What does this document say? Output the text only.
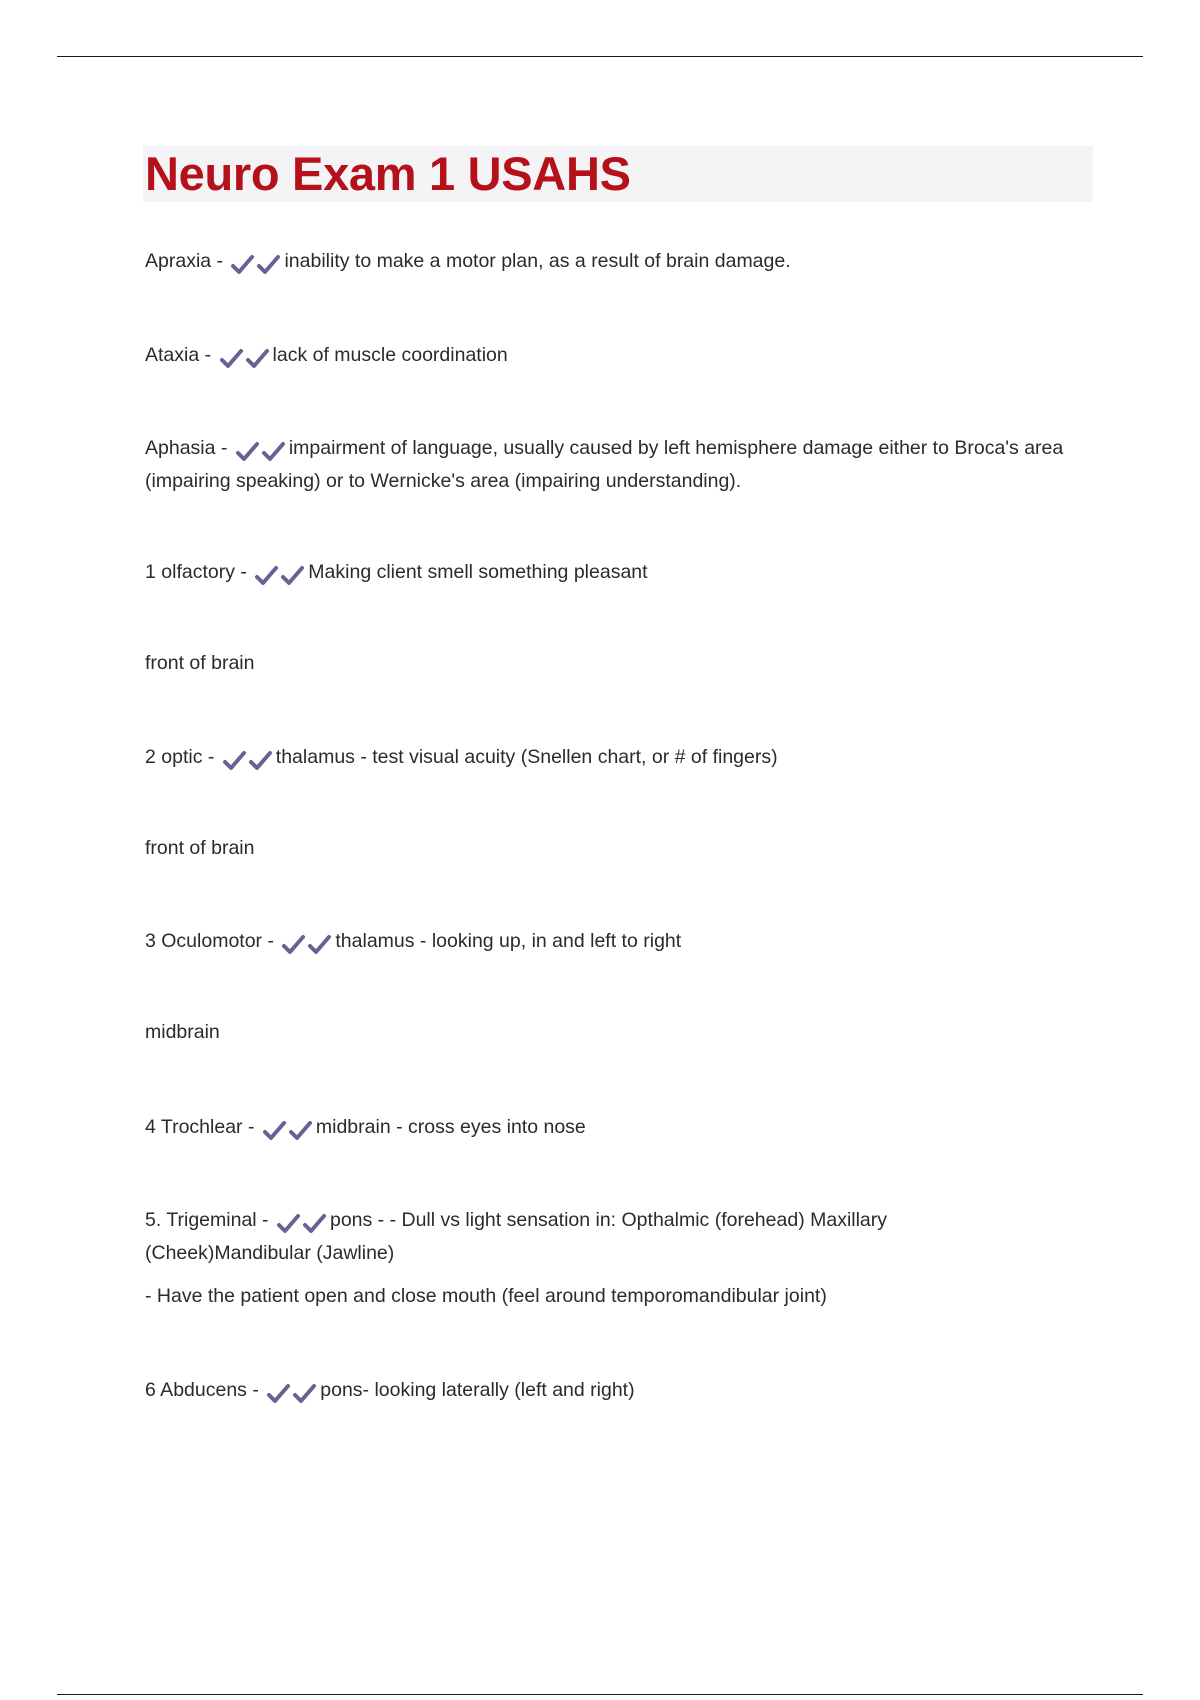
Neuro Exam 1 USAHS

Apraxia -	inability to make a motor plan, as a result of brain damage.

Ataxia -	lack of muscle coordination

Aphasia -	impairment of language, usually caused by left hemisphere damage either to Broca's area (impairing speaking) or to Wernicke's area (impairing understanding).

1 olfactory -	Making client smell something pleasant

front of brain

2 optic -	thalamus - test visual acuity (Snellen chart, or # of fingers)

front of brain

3 Oculomotor -	thalamus - looking up, in and left to right

midbrain

4 Trochlear -	midbrain - cross eyes into nose

5. Trigeminal -	pons - - Dull vs light sensation in: Opthalmic (forehead) Maxillary (Cheek)Mandibular (Jawline)

- Have the patient open and close mouth (feel around temporomandibular joint)

6 Abducens -	pons- looking laterally (left and right)
